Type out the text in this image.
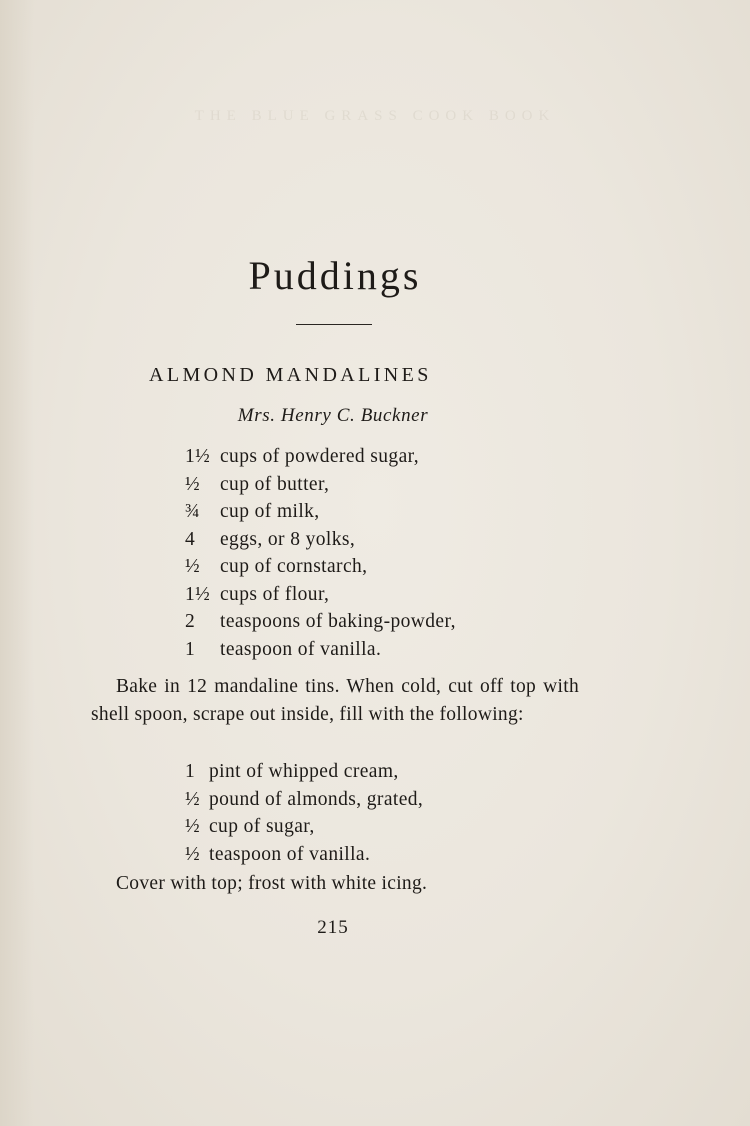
THE BLUE GRASS COOK BOOK
Puddings
ALMOND MANDALINES
Mrs. Henry C. Buckner
1½ cups of powdered sugar,
½ cup of butter,
¾ cup of milk,
4 eggs, or 8 yolks,
½ cup of cornstarch,
1½ cups of flour,
2 teaspoons of baking-powder,
1 teaspoon of vanilla.

Bake in 12 mandaline tins. When cold, cut off top with shell spoon, scrape out inside, fill with the following:

1 pint of whipped cream,
½ pound of almonds, grated,
½ cup of sugar,
½ teaspoon of vanilla.

Cover with top; frost with white icing.

215
